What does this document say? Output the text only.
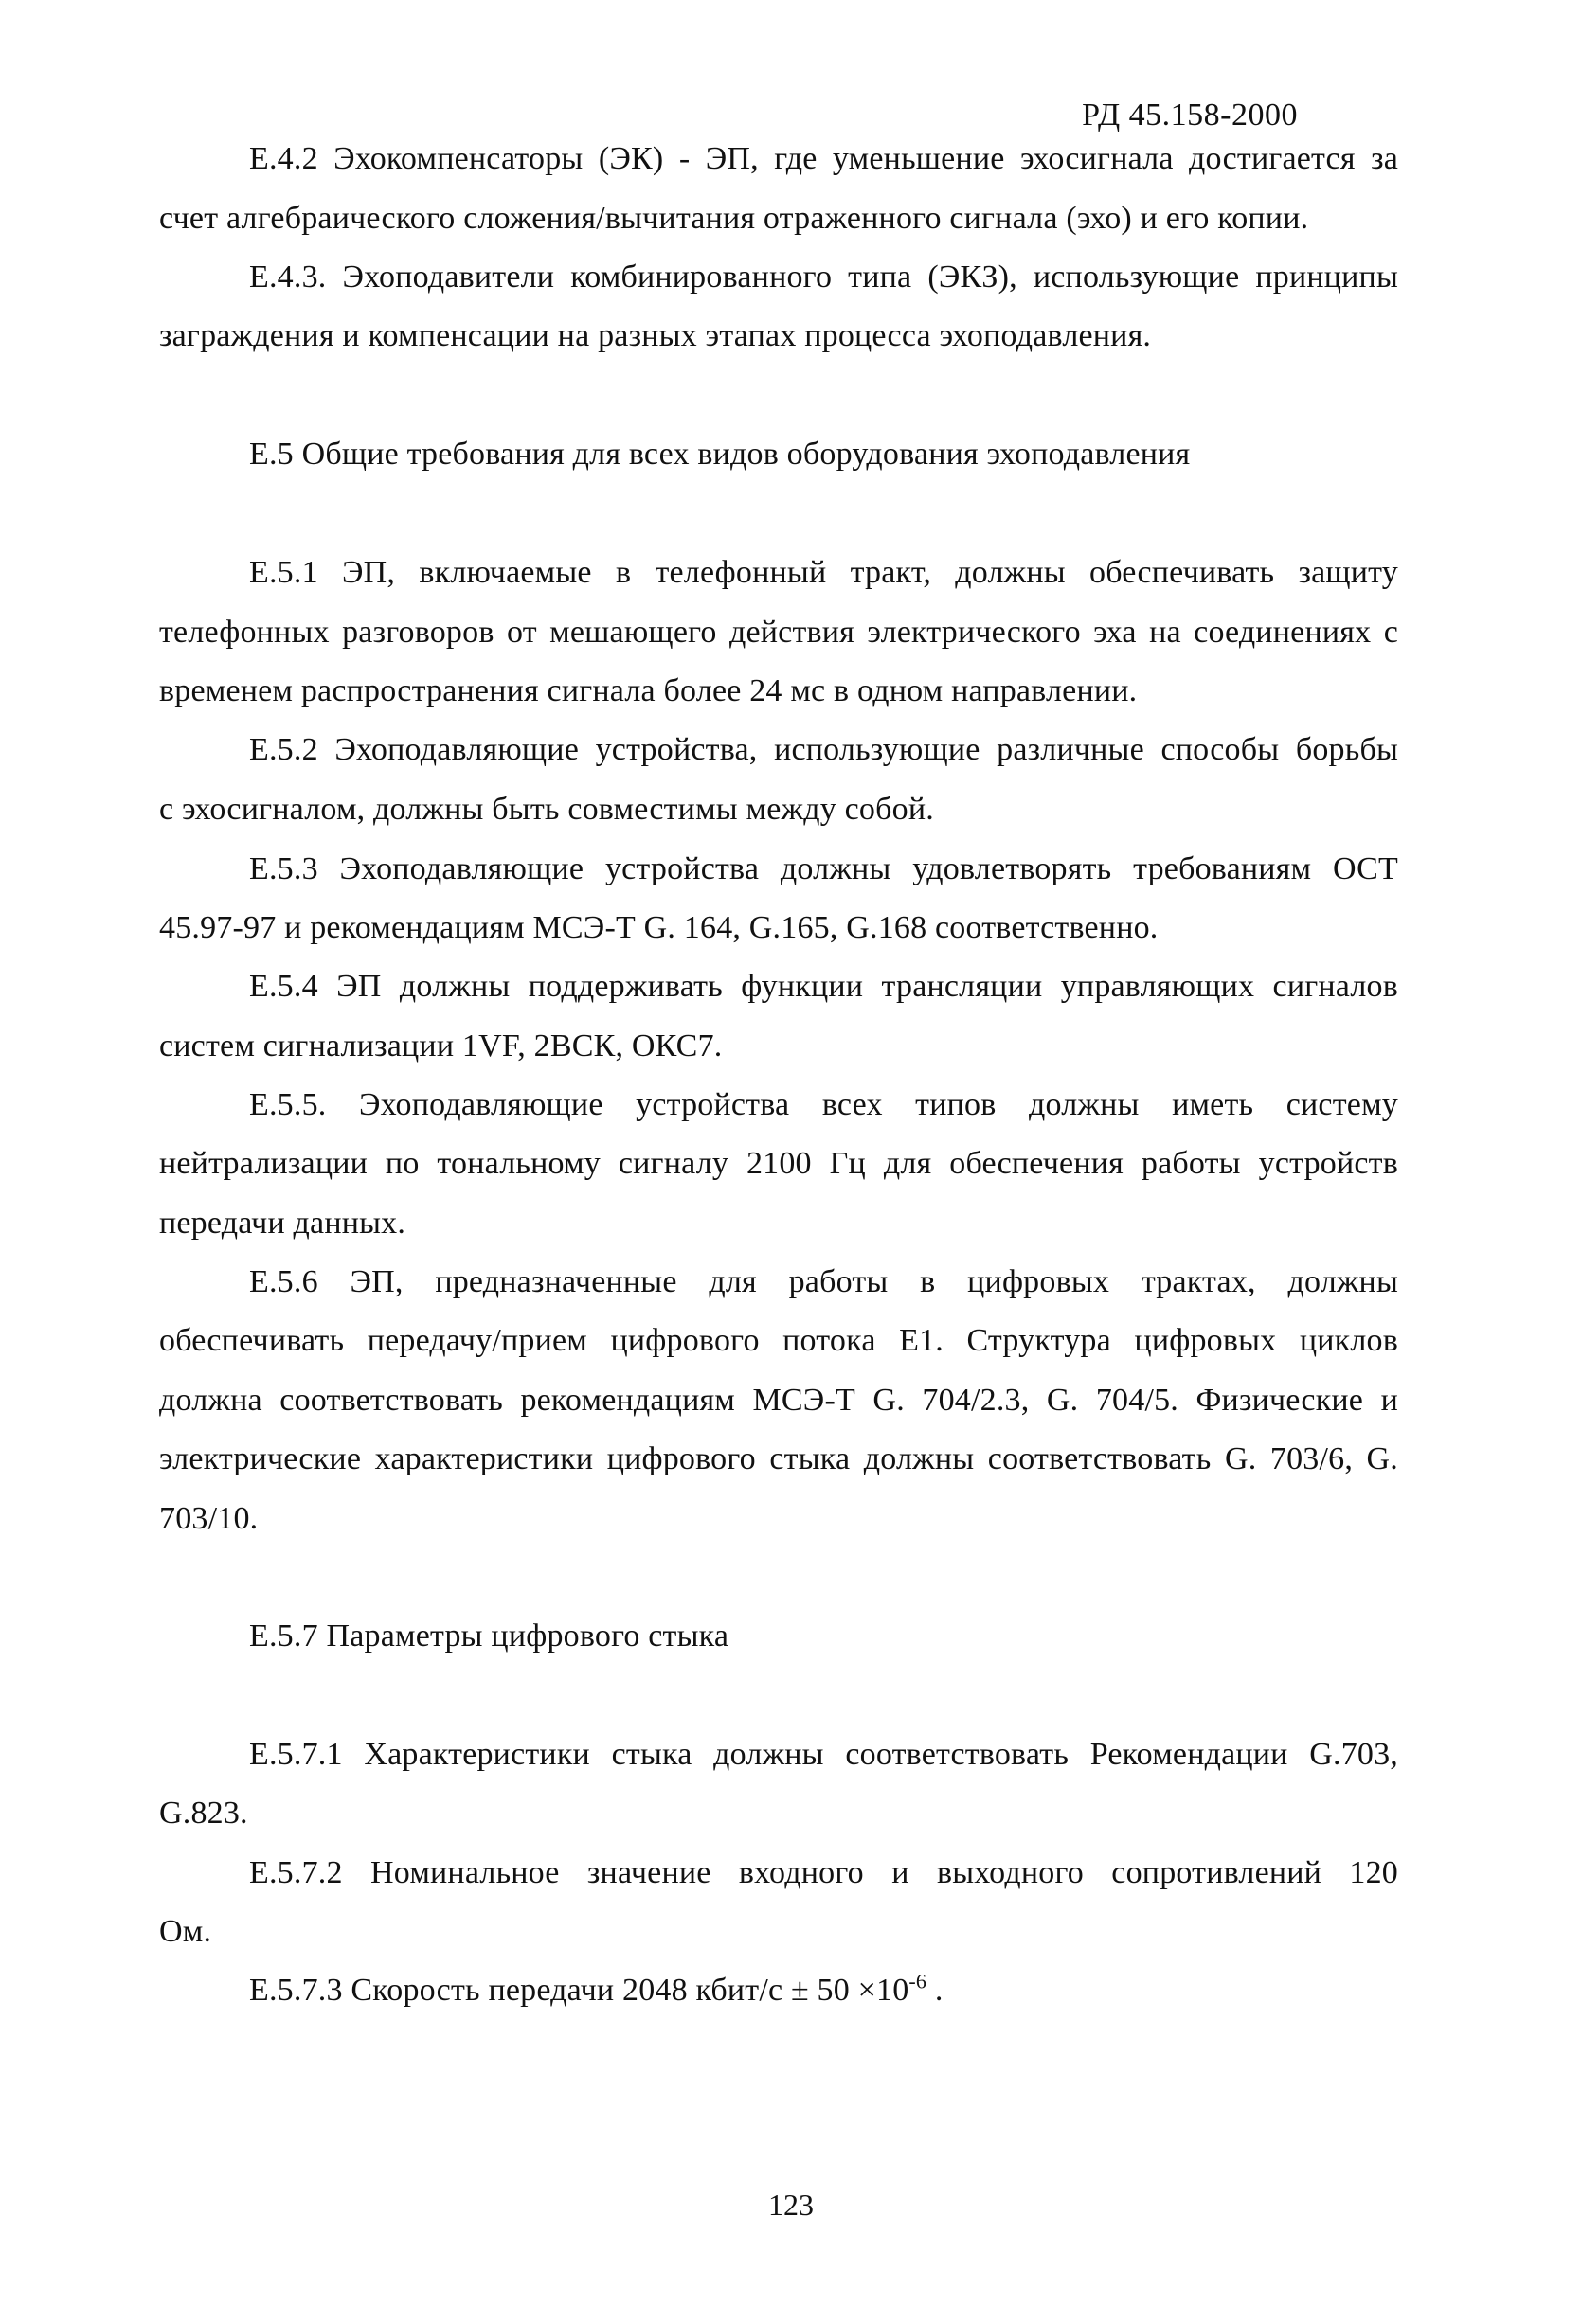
РД 45.158-2000
Е.4.2 Эхокомпенсаторы (ЭК) - ЭП, где уменьшение эхосигнала достигается за
счет алгебраического сложения/вычитания отраженного сигнала (эхо) и его копии.
Е.4.3. Эхоподавители комбинированного типа (ЭКЗ), использующие принципы
заграждения и компенсации на разных этапах процесса эхоподавления.
Е.5 Общие требования для всех видов оборудования эхоподавления
Е.5.1 ЭП, включаемые в телефонный тракт, должны обеспечивать защиту
телефонных разговоров от мешающего действия электрического эха на соединениях с
временем распространения сигнала более 24 мс в одном направлении.
Е.5.2 Эхоподавляющие устройства, использующие различные способы борьбы
с эхосигналом, должны быть совместимы между собой.
Е.5.3 Эхоподавляющие устройства должны удовлетворять требованиям ОСТ
45.97-97 и рекомендациям МСЭ-Т G. 164, G.165, G.168 соответственно.
Е.5.4 ЭП должны поддерживать функции трансляции управляющих сигналов
систем сигнализации 1VF, 2ВСК, ОКС7.
Е.5.5. Эхоподавляющие устройства всех типов должны иметь систему
нейтрализации по тональному сигналу 2100 Гц для обеспечения работы устройств
передачи данных.
Е.5.6 ЭП, предназначенные для работы в цифровых трактах, должны
обеспечивать передачу/прием цифрового потока Е1. Структура цифровых циклов
должна соответствовать рекомендациям МСЭ-Т G. 704/2.3, G. 704/5. Физические и
электрические характеристики цифрового стыка должны соответствовать G. 703/6, G.
703/10.
Е.5.7 Параметры цифрового стыка
Е.5.7.1 Характеристики стыка должны соответствовать Рекомендации G.703,
G.823.
Е.5.7.2 Номинальное значение входного и выходного сопротивлений 120
Ом.
Е.5.7.3 Скорость передачи 2048 кбит/с ± $50 \times 10^{-6}$ .
123
